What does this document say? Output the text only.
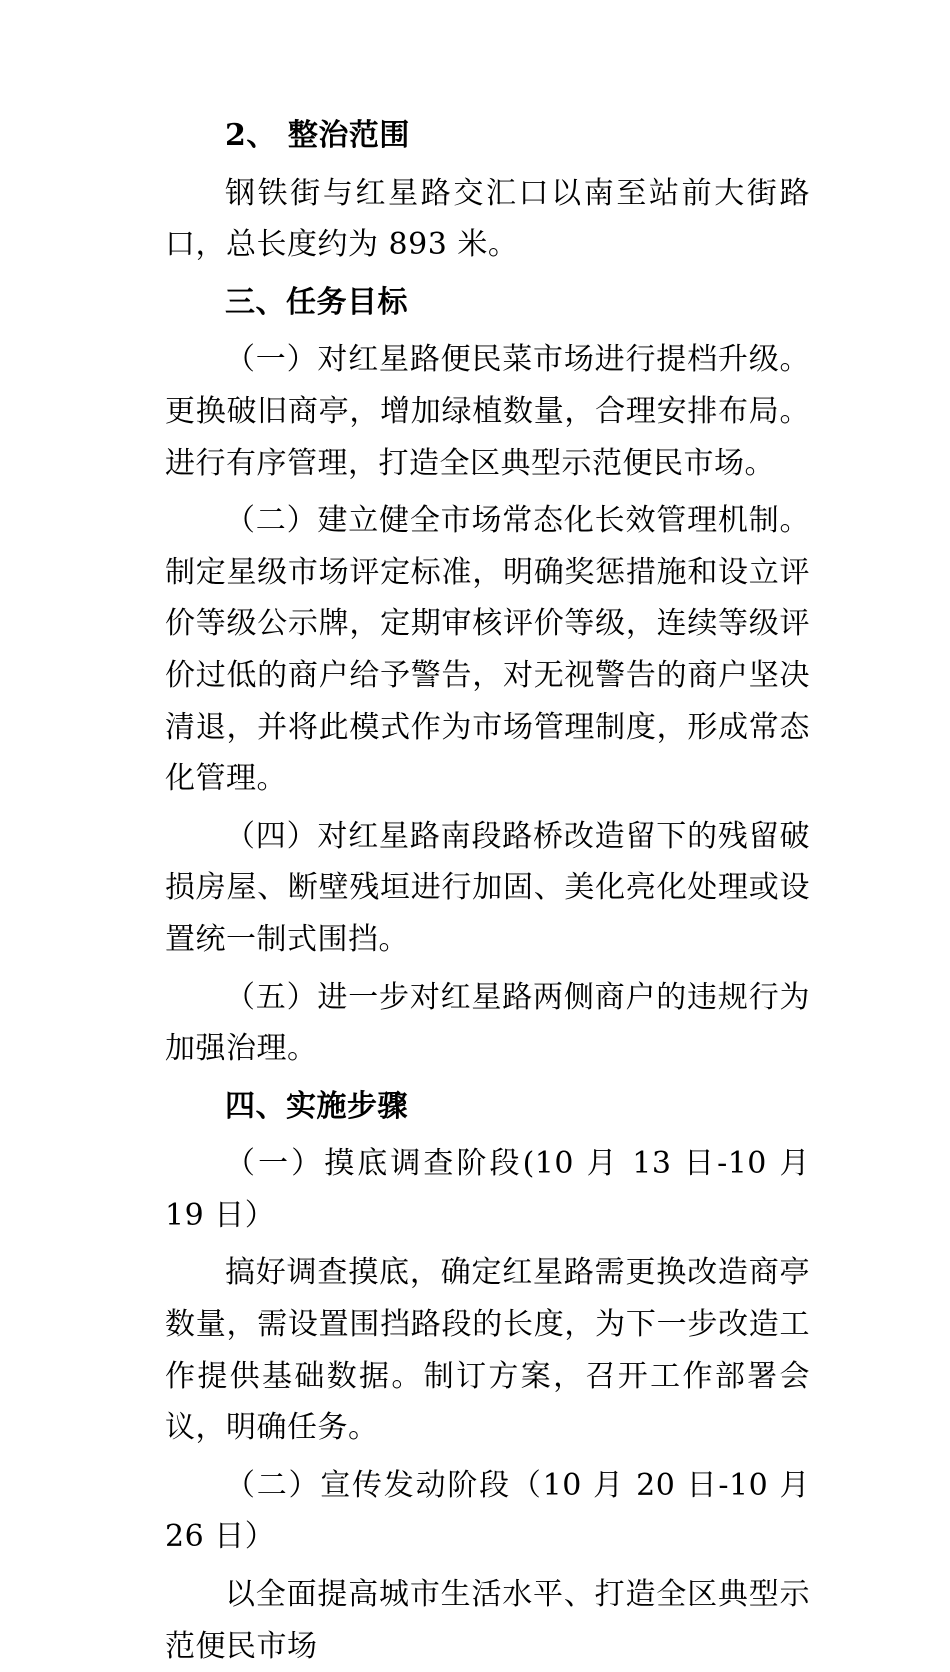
2、 整治范围

钢铁街与红星路交汇口以南至站前大街路口，总长度约为 893 米。

三、任务目标

（一）对红星路便民菜市场进行提档升级。更换破旧商亭，增加绿植数量，合理安排布局。进行有序管理，打造全区典型示范便民市场。

（二）建立健全市场常态化长效管理机制。制定星级市场评定标准，明确奖惩措施和设立评价等级公示牌，定期审核评价等级，连续等级评价过低的商户给予警告，对无视警告的商户坚决清退，并将此模式作为市场管理制度，形成常态化管理。

（四）对红星路南段路桥改造留下的残留破损房屋、断壁残垣进行加固、美化亮化处理或设置统一制式围挡。

（五）进一步对红星路两侧商户的违规行为加强治理。

四、实施步骤

（一）摸底调查阶段(10 月 13 日-10 月 19 日）

搞好调查摸底，确定红星路需更换改造商亭数量，需设置围挡路段的长度，为下一步改造工作提供基础数据。制订方案，召开工作部署会议，明确任务。

（二）宣传发动阶段（10 月 20 日-10 月 26 日）

以全面提高城市生活水平、打造全区典型示范便民市场
